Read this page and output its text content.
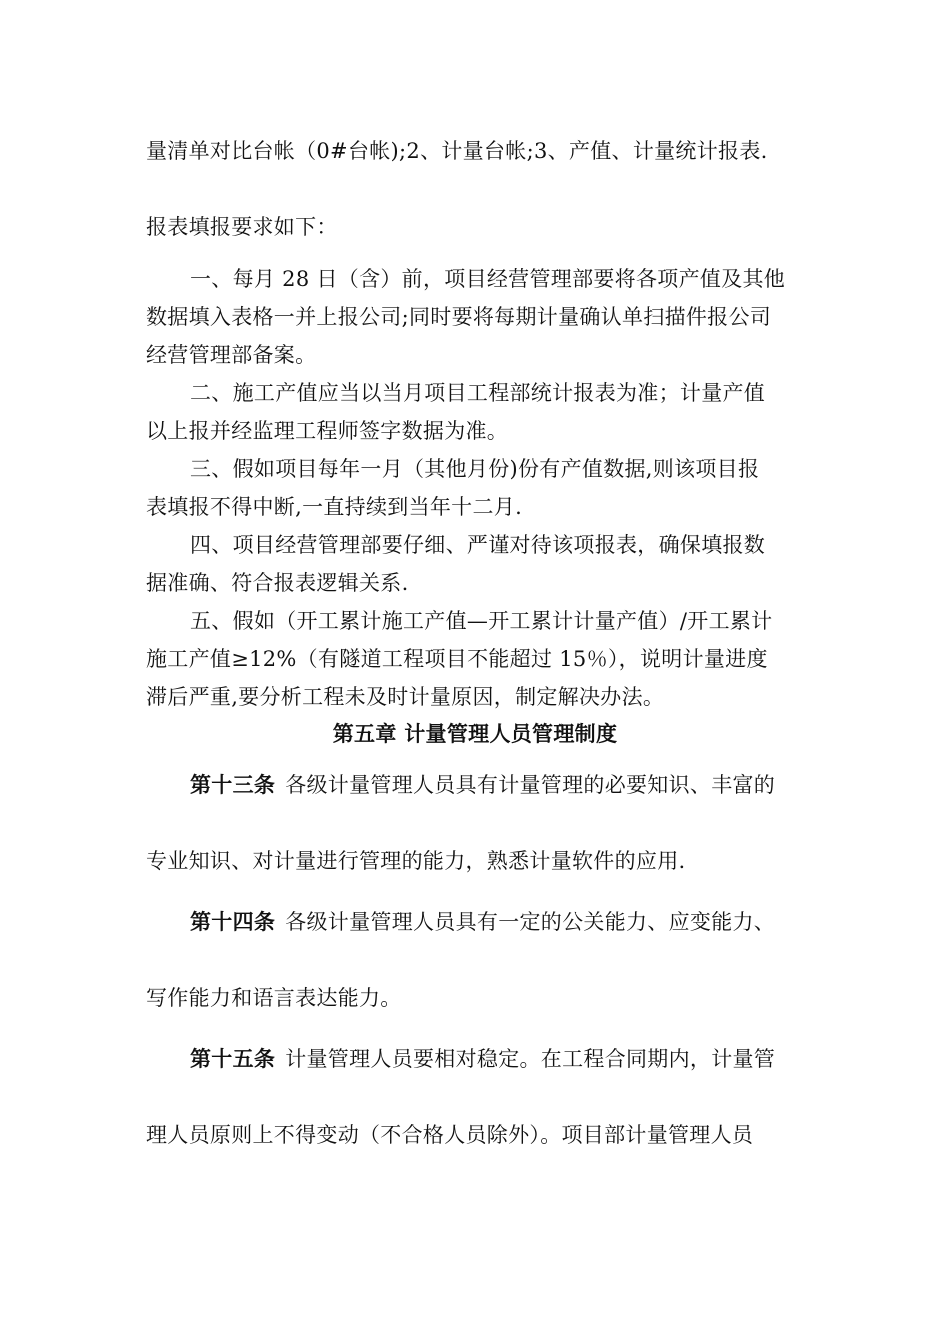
量清单对比台帐（0#台帐);2、计量台帐;3、产值、计量统计报表.
报表填报要求如下：
一、每月 28 日（含）前，项目经营管理部要将各项产值及其他
数据填入表格一并上报公司;同时要将每期计量确认单扫描件报公司
经营管理部备案。
二、施工产值应当以当月项目工程部统计报表为准；计量产值
以上报并经监理工程师签字数据为准。
三、假如项目每年一月（其他月份)份有产值数据,则该项目报
表填报不得中断,一直持续到当年十二月.
四、项目经营管理部要仔细、严谨对待该项报表，确保填报数
据准确、符合报表逻辑关系.
五、假如（开工累计施工产值—开工累计计量产值）/开工累计
施工产值≥12%（有隧道工程项目不能超过 15％），说明计量进度
滞后严重,要分析工程未及时计量原因，制定解决办法。
第五章 计量管理人员管理制度
第十三条 各级计量管理人员具有计量管理的必要知识、丰富的
专业知识、对计量进行管理的能力，熟悉计量软件的应用.
第十四条 各级计量管理人员具有一定的公关能力、应变能力、
写作能力和语言表达能力。
第十五条 计量管理人员要相对稳定。在工程合同期内，计量管
理人员原则上不得变动（不合格人员除外）。项目部计量管理人员
